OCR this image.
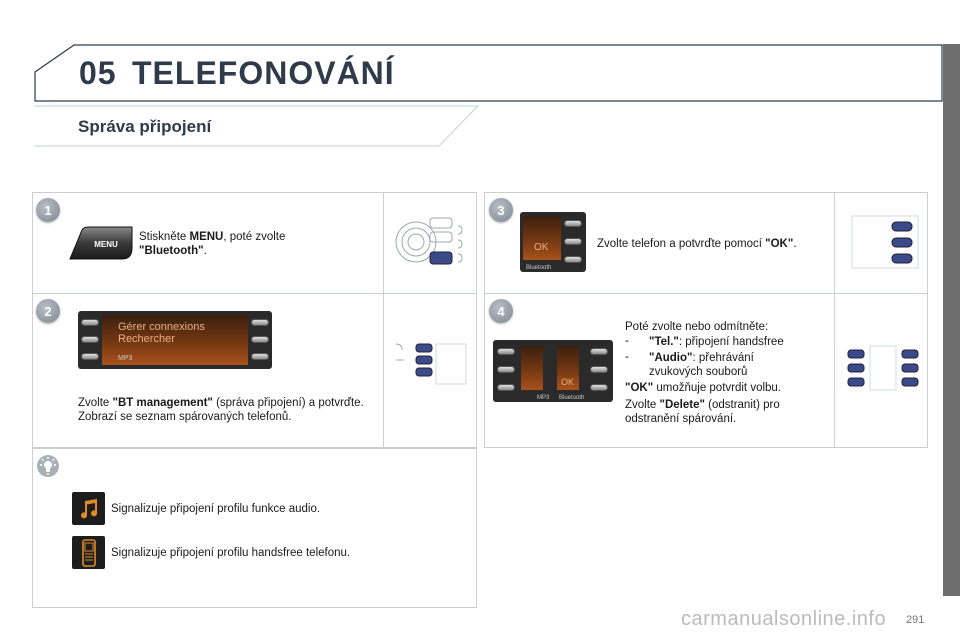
05 TELEFONOVÁNÍ
Správa připojení
1
MENU
Stiskněte MENU, poté zvolte
"Bluetooth".
2
Gérer connexions
Rechercher
MP3
Zvolte "BT management" (správa připojení) a potvrďte. Zobrazí se seznam spárovaných telefonů.
3
OK
Bluetooth
Zvolte telefon a potvrďte pomocí "OK".
4
OK
MP3 Bluetooth
Poté zvolte nebo odmítněte:
- "Tel.": připojení handsfree
- "Audio": přehrávání zvukových souborů
"OK" umožňuje potvrdit volbu.
Zvolte "Delete" (odstranit) pro odstranění spárování.
Signalizuje připojení profilu funkce audio.
Signalizuje připojení profilu handsfree telefonu.
carmanualsonline.info 291
